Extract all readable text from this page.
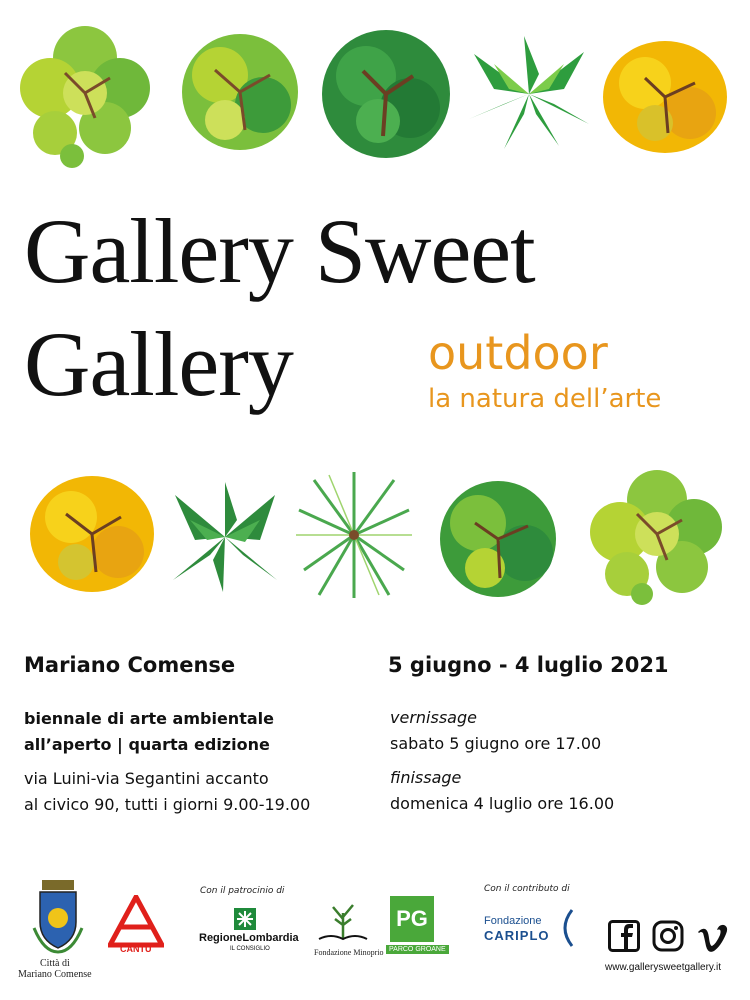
Gallery Sweet
Gallery	outdoor
la natura dell’arte
Mariano Comense	5 giugno - 4 luglio 2021
biennale di arte ambientale
all’aperto | quarta edizione
via Luini-via Segantini accanto
al civico 90, tutti i giorni 9.00-19.00
vernissage
sabato 5 giugno ore 17.00
finissage
domenica 4 luglio ore 16.00
Città di
Mariano Comense
CANTÙ
Con il patrocinio di
RegioneLombardia
IL CONSIGLIO	Fondazione Minoprio
PG
PARCO GROANE
Con il contributo di
Fondazione
CARIPLO
www.gallerysweetgallery.it
